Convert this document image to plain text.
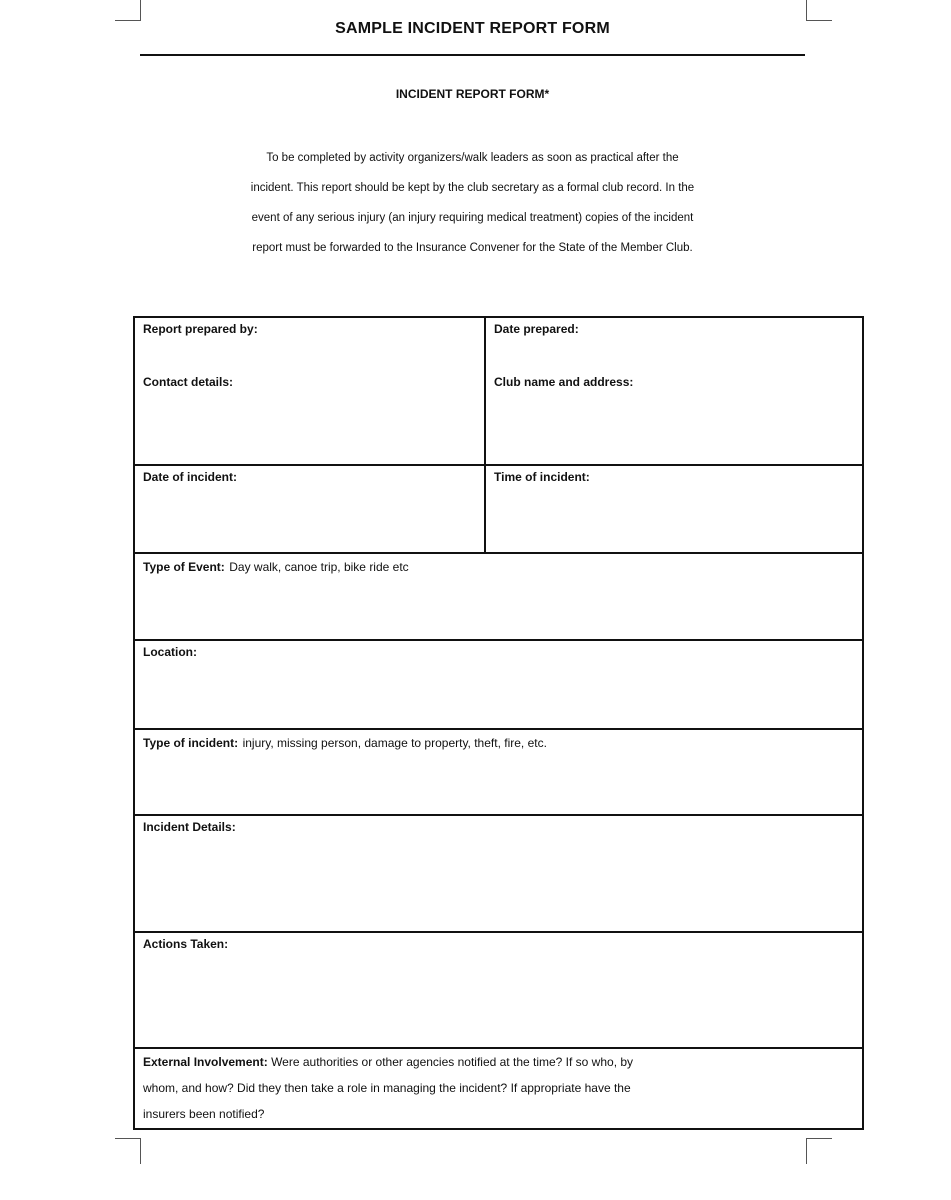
SAMPLE INCIDENT REPORT FORM
INCIDENT REPORT FORM*
To be completed by activity organizers/walk leaders as soon as practical after the
incident. This report should be kept by the club secretary as a formal club record. In the
event of any serious injury (an injury requiring medical treatment) copies of the incident
report must be forwarded to the Insurance Convener for the State of the Member Club.
Report prepared by:
Contact details:
Date prepared:
Club name and address:
Date of incident:	Time of incident:
Type of Event: Day walk, canoe trip, bike ride etc
Location:
Type of incident: injury, missing person, damage to property, theft, fire, etc.
Incident Details:
Actions Taken:
External Involvement: Were authorities or other agencies notified at the time? If so who, by
whom, and how? Did they then take a role in managing the incident? If appropriate have the
insurers been notified?
